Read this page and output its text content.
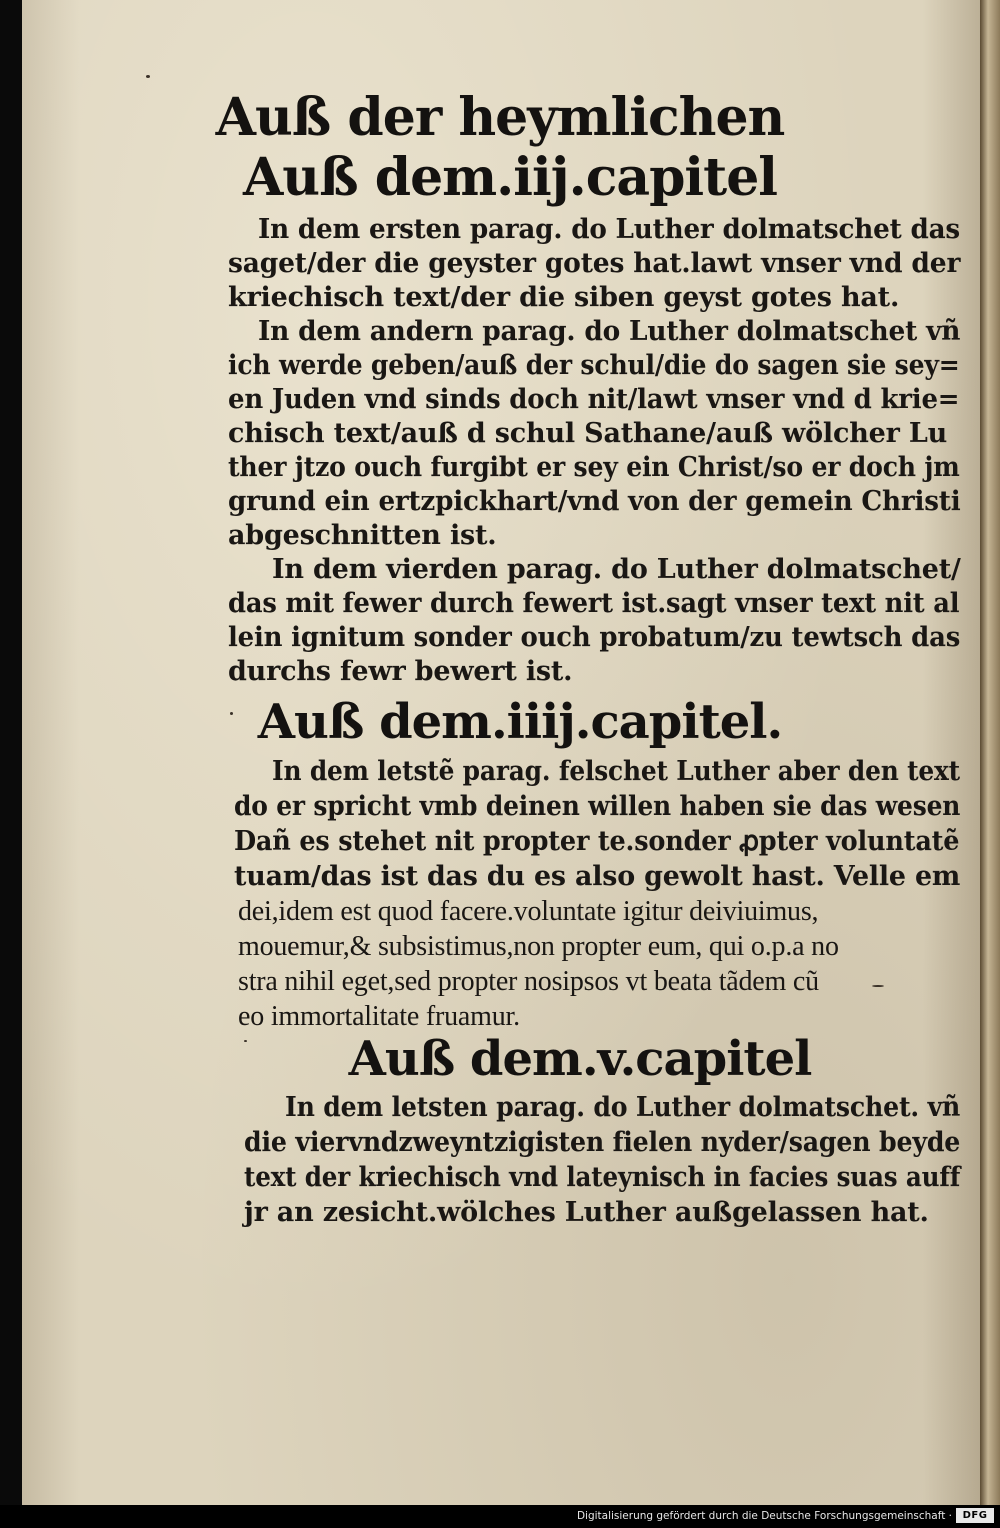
Auß der heymlichen
Auß dem.iij.capitel
In dem ersten parag. do Luther dolmatschet das
saget/der die geyster gotes hat.lawt vnser vnd der
kriechisch text/der die siben geyst gotes hat.
In dem andern parag. do Luther dolmatschet vñ
ich werde geben/auß der schul/die do sagen sie sey=
en Juden vnd sinds doch nit/lawt vnser vnd d krie=
chisch text/auß d schul Sathane/auß wölcher Lu
ther jtzo ouch furgibt er sey ein Christ/so er doch jm
grund ein ertzpickhart/vnd von der gemein Christi
abgeschnitten ist.
In dem vierden parag. do Luther dolmatschet/
das mit fewer durch fewert ist.sagt vnser text nit al
lein ignitum sonder ouch probatum/zu tewtsch das
durchs fewr bewert ist.
Auß dem.iiij.capitel.
In dem letstẽ parag. felschet Luther aber den text
do er spricht vmb deinen willen haben sie das wesen
Dañ es stehet nit propter te.sonder ꝓpter voluntatẽ
tuam/das ist das du es also gewolt hast. Velle em
dei,idem est quod facere.voluntate igitur deiviuimus,
mouemur,& subsistimus,non propter eum, qui o.p.a no
stra nihil eget,sed propter nosipsos vt beata tãdem cũ
eo immortalitate fruamur.
Auß dem.v.capitel
In dem letsten parag. do Luther dolmatschet. vñ
die viervndzweyntzigisten fielen nyder/sagen beyde
text der kriechisch vnd lateynisch in facies suas auff
jr an zesicht.wölches Luther außgelassen hat.
Digitalisierung gefördert durch die Deutsche Forschungsgemeinschaft ·	DFG
